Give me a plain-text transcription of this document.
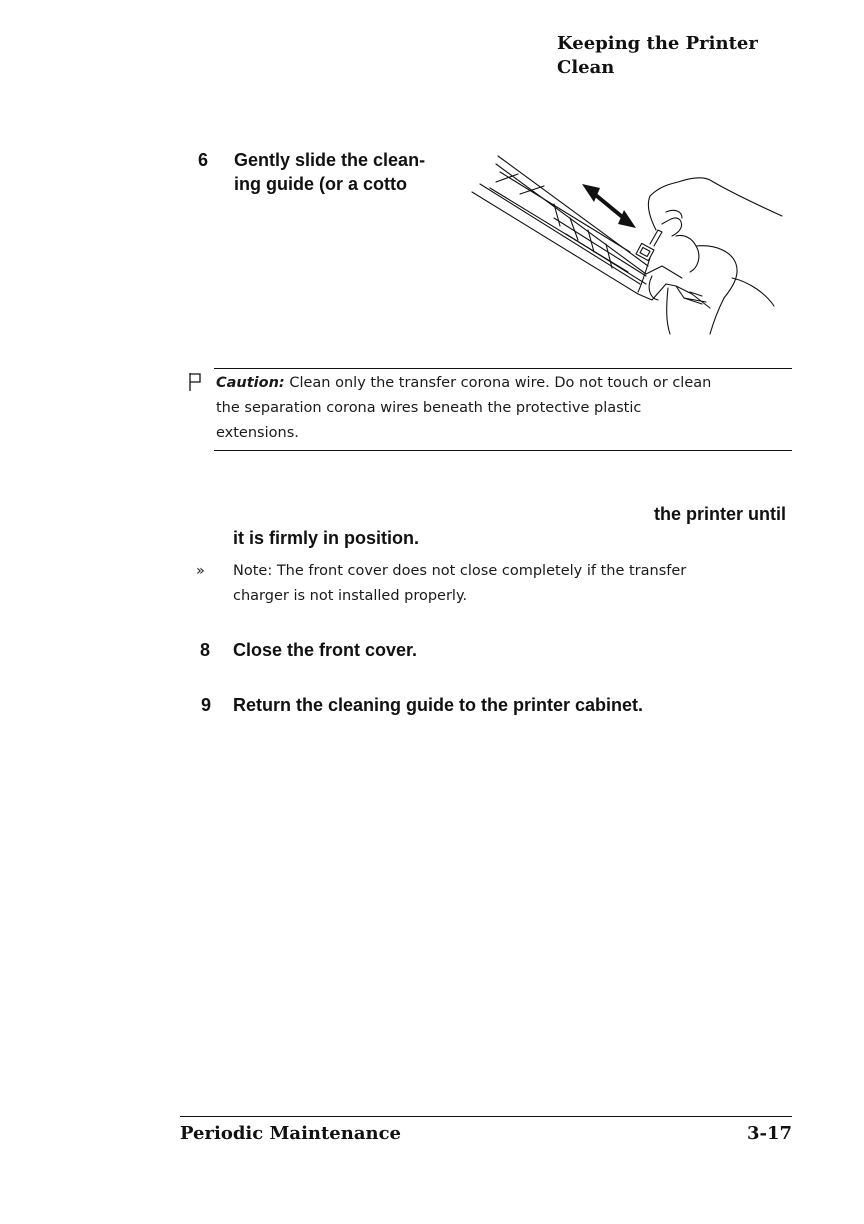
Keeping the Printer Clean
6 Gently slide the clean-
ing guide (or a cotto
Caution: Clean only the transfer corona wire. Do not touch or clean
the separation corona wires beneath the protective plastic
extensions.
the printer until
it is firmly in position.
» Note: The front cover does not close completely if the transfer
charger is not installed properly.
8 Close the front cover.
9 Return the cleaning guide to the printer cabinet.
Periodic Maintenance	3-17
